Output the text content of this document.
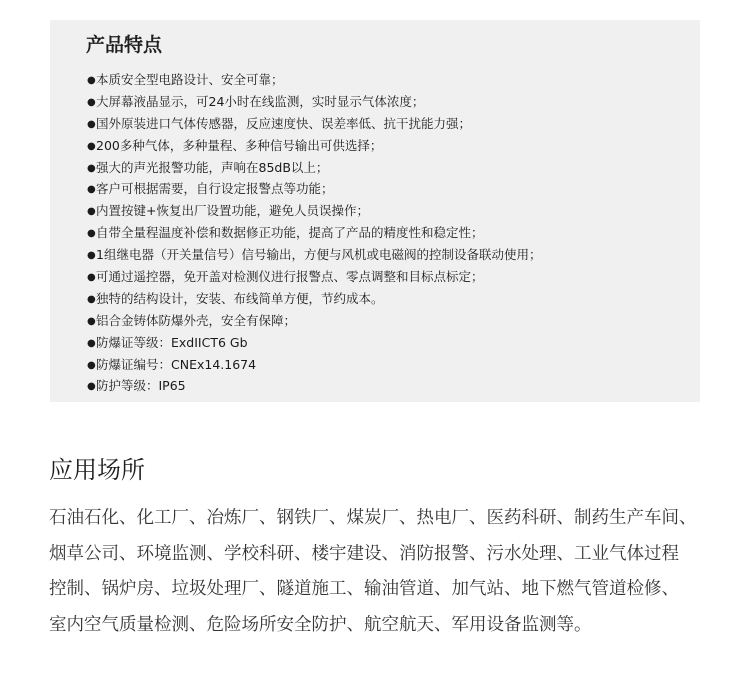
产品特点
●本质安全型电路设计、安全可靠；
●大屏幕液晶显示，可24小时在线监测，实时显示气体浓度；
●国外原装进口气体传感器，反应速度快、误差率低、抗干扰能力强；
●200多种气体，多种量程、多种信号输出可供选择；
●强大的声光报警功能，声响在85dB以上；
●客户可根据需要，自行设定报警点等功能；
●内置按键+恢复出厂设置功能，避免人员误操作；
●自带全量程温度补偿和数据修正功能，提高了产品的精度性和稳定性；
●1组继电器（开关量信号）信号输出，方便与风机或电磁阀的控制设备联动使用；
●可通过遥控器，免开盖对检测仪进行报警点、零点调整和目标点标定；
●独特的结构设计，安装、布线简单方便，节约成本。
●铝合金铸体防爆外壳，安全有保障；
●防爆证等级：ExdIICT6 Gb
●防爆证编号：CNEx14.1674
●防护等级：IP65
应用场所

石油石化、化工厂、冶炼厂、钢铁厂、煤炭厂、热电厂、医药科研、制药生产车间、
烟草公司、环境监测、学校科研、楼宇建设、消防报警、污水处理、工业气体过程
控制、锅炉房、垃圾处理厂、隧道施工、输油管道、加气站、地下燃气管道检修、
室内空气质量检测、危险场所安全防护、航空航天、军用设备监测等。
